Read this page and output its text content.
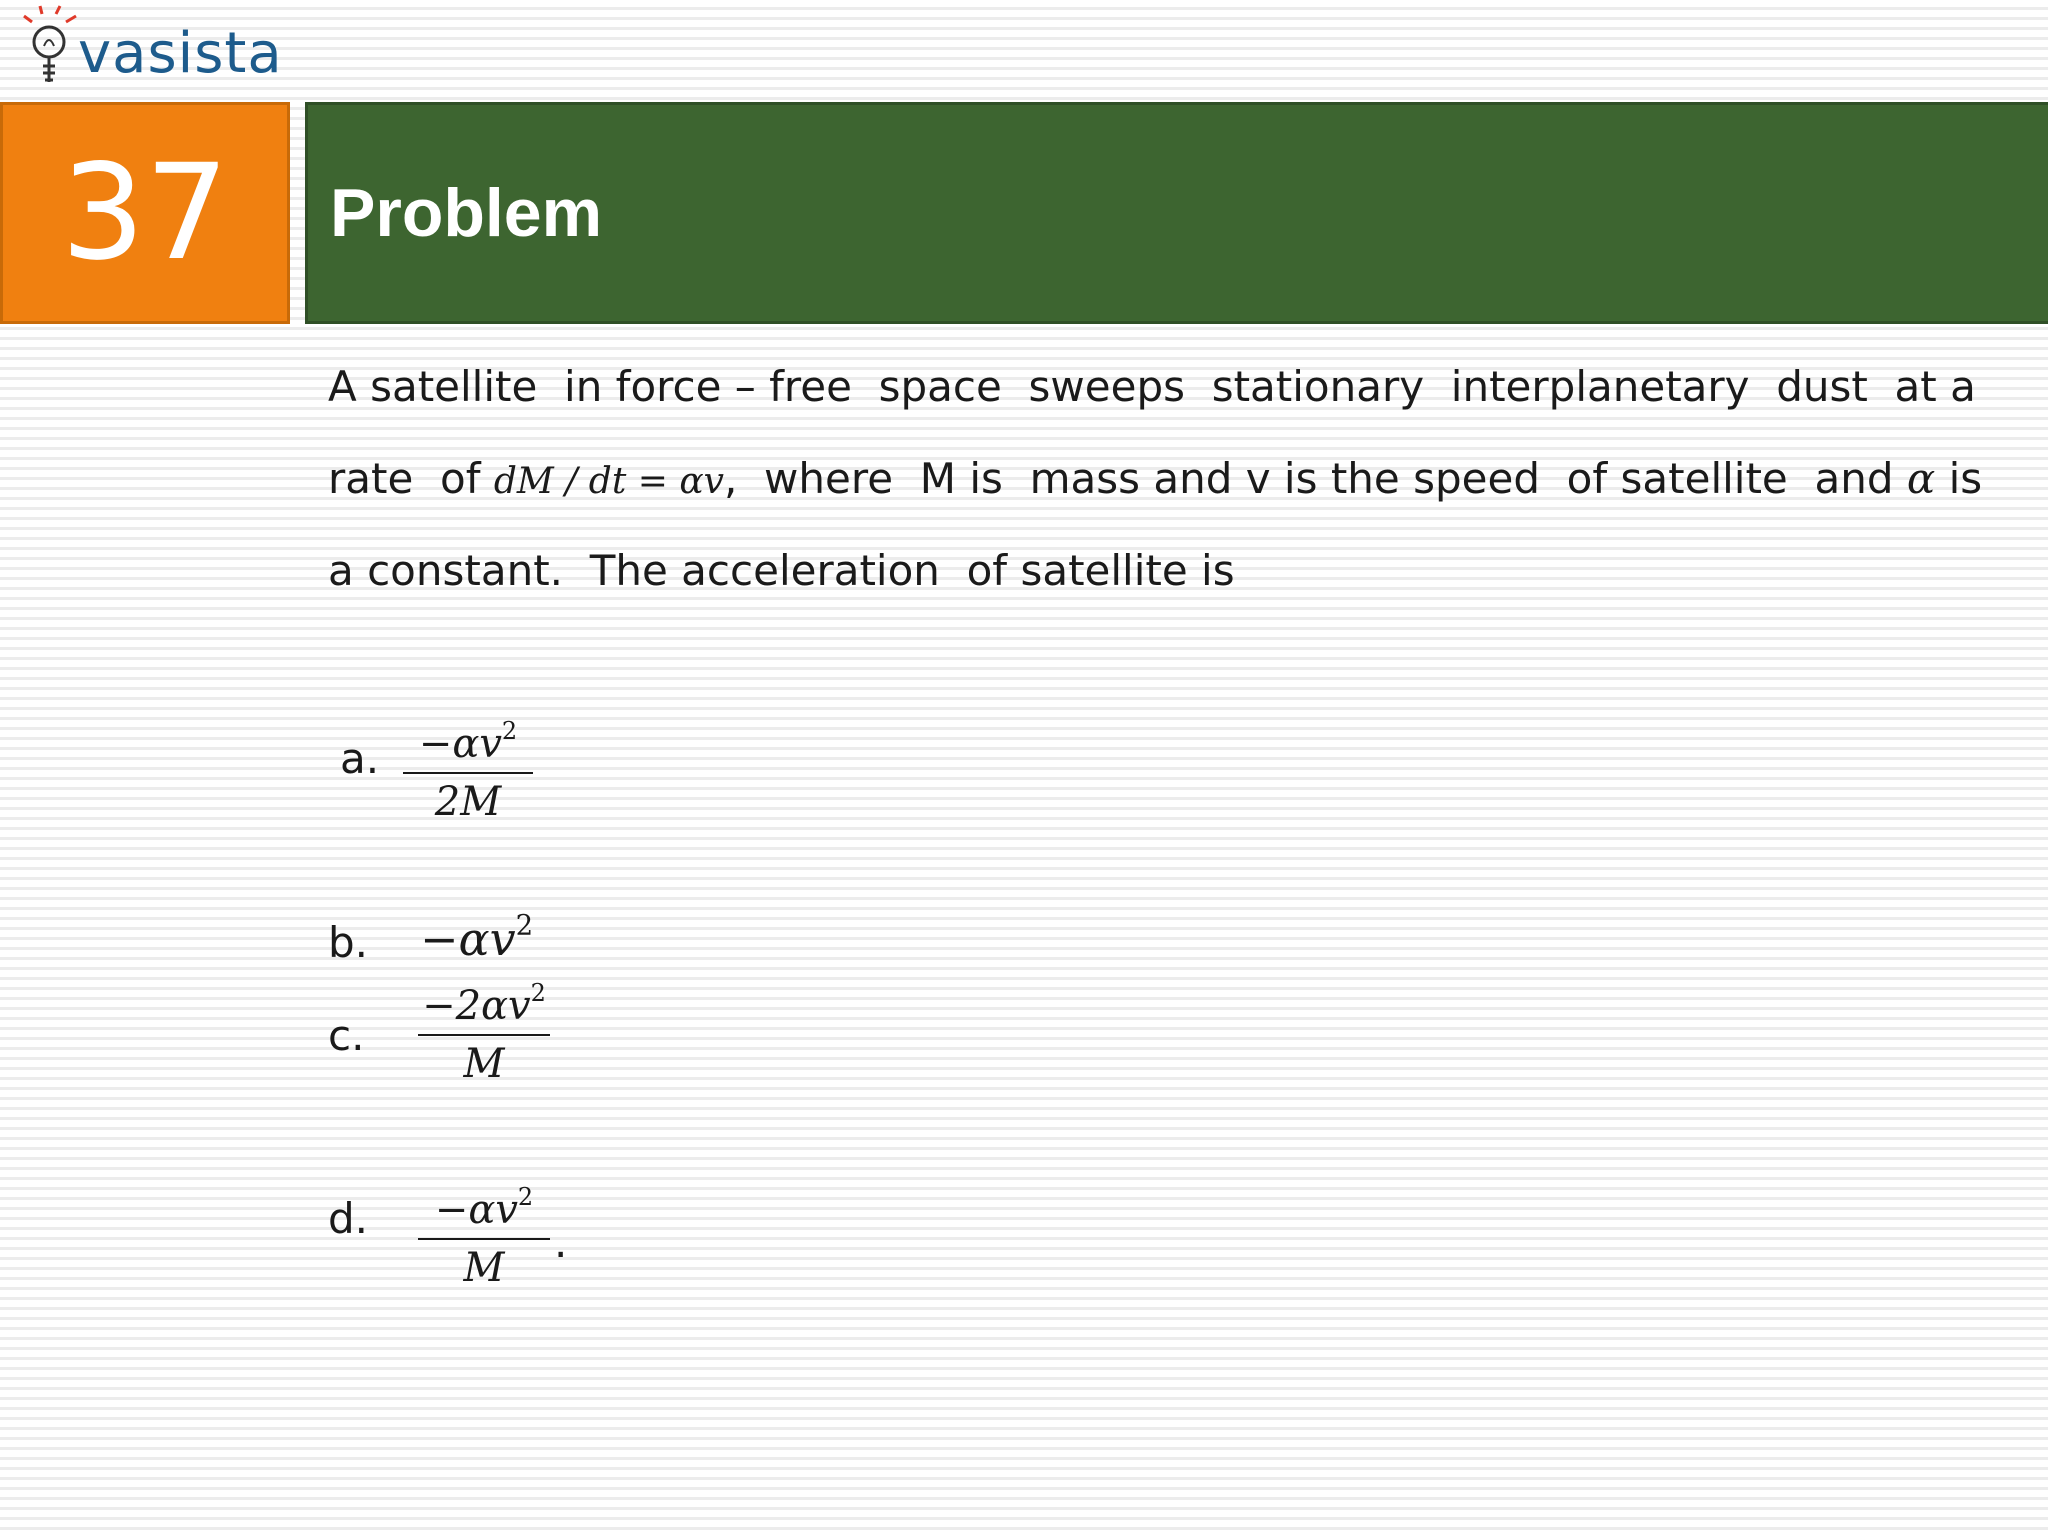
vasista
37 Problem
A satellite  in force – free  space  sweeps  stationary  interplanetary  dust  at a
rate  of dM / dt = αv,  where  M is  mass and v is the speed  of satellite  and α is
a constant.  The acceleration  of satellite is
a. $-\alpha v^2$
2M
b. $-\alpha v^2$
c.
$-2\alpha v^2$
M
d.	$-\alpha v^2$
M
.
